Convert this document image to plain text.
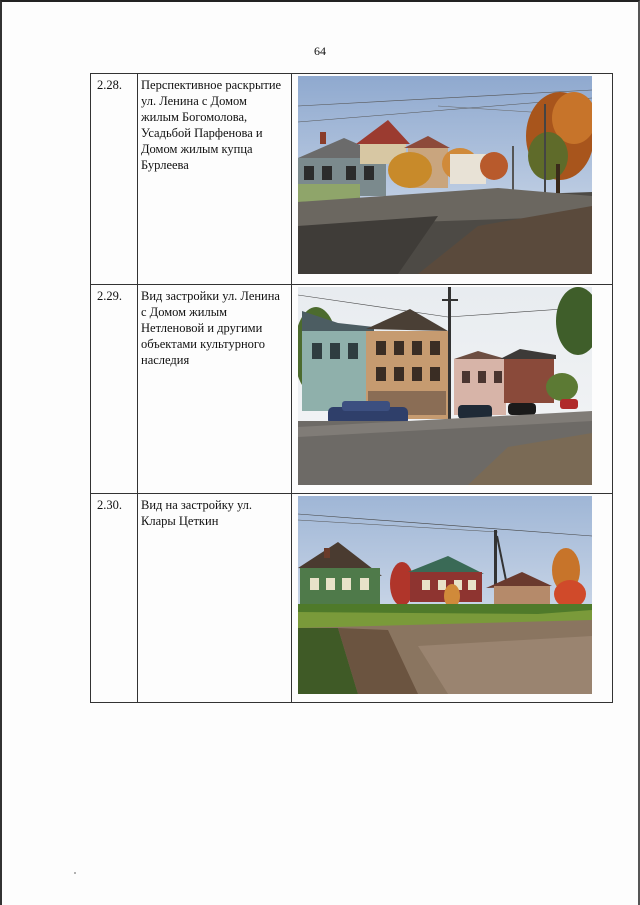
64
2.28.	Перспективное раскрытие ул. Ленина с Домом жилым Богомолова, Усадьбой Парфенова и Домом жилым купца Бурлеева	

2.29.	Вид застройки ул. Ленина с Домом жилым Нетленовой и другими объектами культурного наследия	

2.30.	Вид на застройку ул. Клары Цеткин	
